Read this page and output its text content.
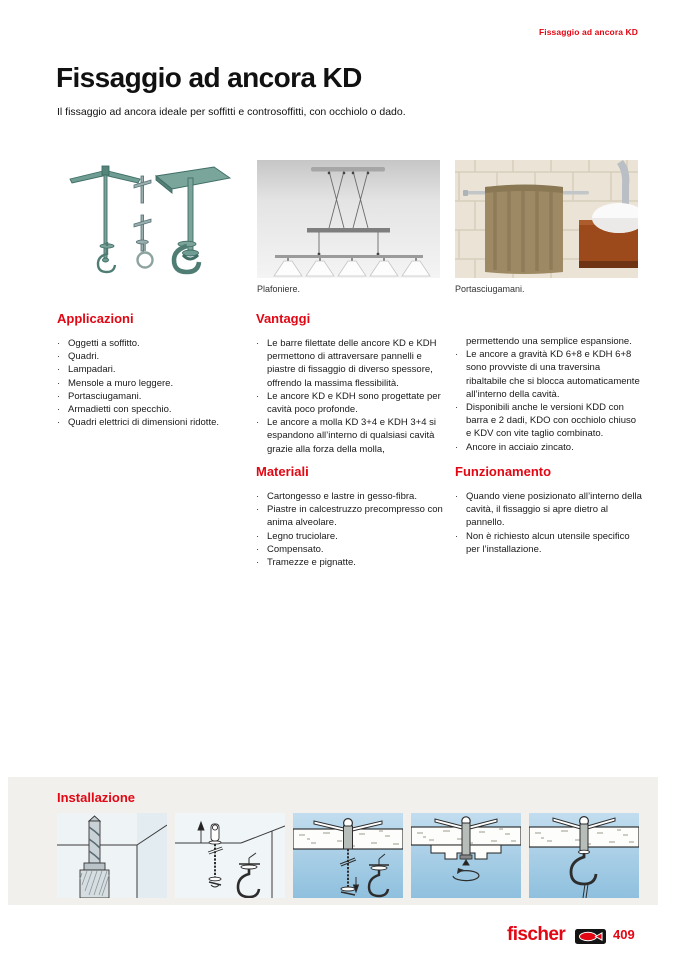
Fissaggio ad ancora KD
Fissaggio ad ancora KD

Il fissaggio ad ancora ideale per soffitti e controsoffitti, con occhiolo o dado.

Plafoniere.	Portasciugamani.
Applicazioni
· Oggetti a soffitto.
· Quadri.
· Lampadari.
· Mensole a muro leggere.
· Portasciugamani.
· Armadietti con specchio.
· Quadri elettrici di dimensioni ridotte.
Vantaggi
· Le barre filettate delle ancore KD e KDH permettono di attraversare pannelli e piastre di fissaggio di diverso spessore, offrendo la massima flessibilità.
· Le ancore KD e KDH sono progettate per cavità poco profonde.
· Le ancore a molla KD 3+4 e KDH 3+4 si espandono all’interno di qualsiasi cavità grazie alla forza della molla,

permettendo una semplice espansione.

· Le ancore a gravità KD 6+8 e KDH 6+8 sono provviste di una traversina ribaltabile che si blocca automaticamente all’interno della cavità.
· Disponibili anche le versioni KDD con barra e 2 dadi, KDO con occhiolo chiuso e KDV con vite taglio combinato.
· Ancore in acciaio zincato.
Materiali
· Cartongesso e lastre in gesso-fibra.
· Piastre in calcestruzzo precompresso con anima alveolare.
· Legno truciolare.
· Compensato.
· Tramezze e pignatte.
Funzionamento
· Quando viene posizionato all’interno della cavità, il fissaggio si apre dietro al pannello.
· Non è richiesto alcun utensile specifico per l’installazione.
Installazione
fischer	409
